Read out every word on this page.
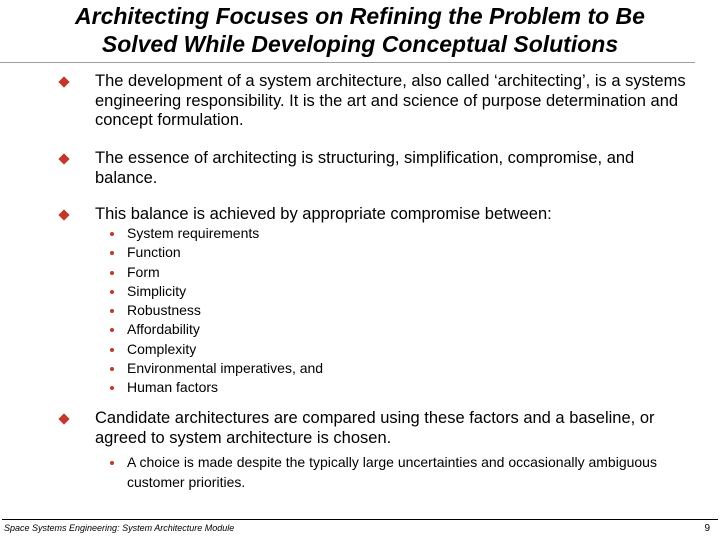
Architecting Focuses on Refining the Problem to Be
Solved While Developing Conceptual Solutions
The development of a system architecture, also called ‘architecting’, is a systems engineering responsibility. It is the art and science of purpose determination and concept formulation.
The essence of architecting is structuring, simplification, compromise, and balance.
This balance is achieved by appropriate compromise between:
System requirements
Function
Form
Simplicity
Robustness
Affordability
Complexity
Environmental imperatives, and
Human factors
Candidate architectures are compared using these factors and a baseline, or agreed to system architecture is chosen.
A choice is made despite the typically large uncertainties and occasionally ambiguous customer priorities.
Space Systems Engineering: System Architecture Module	9
